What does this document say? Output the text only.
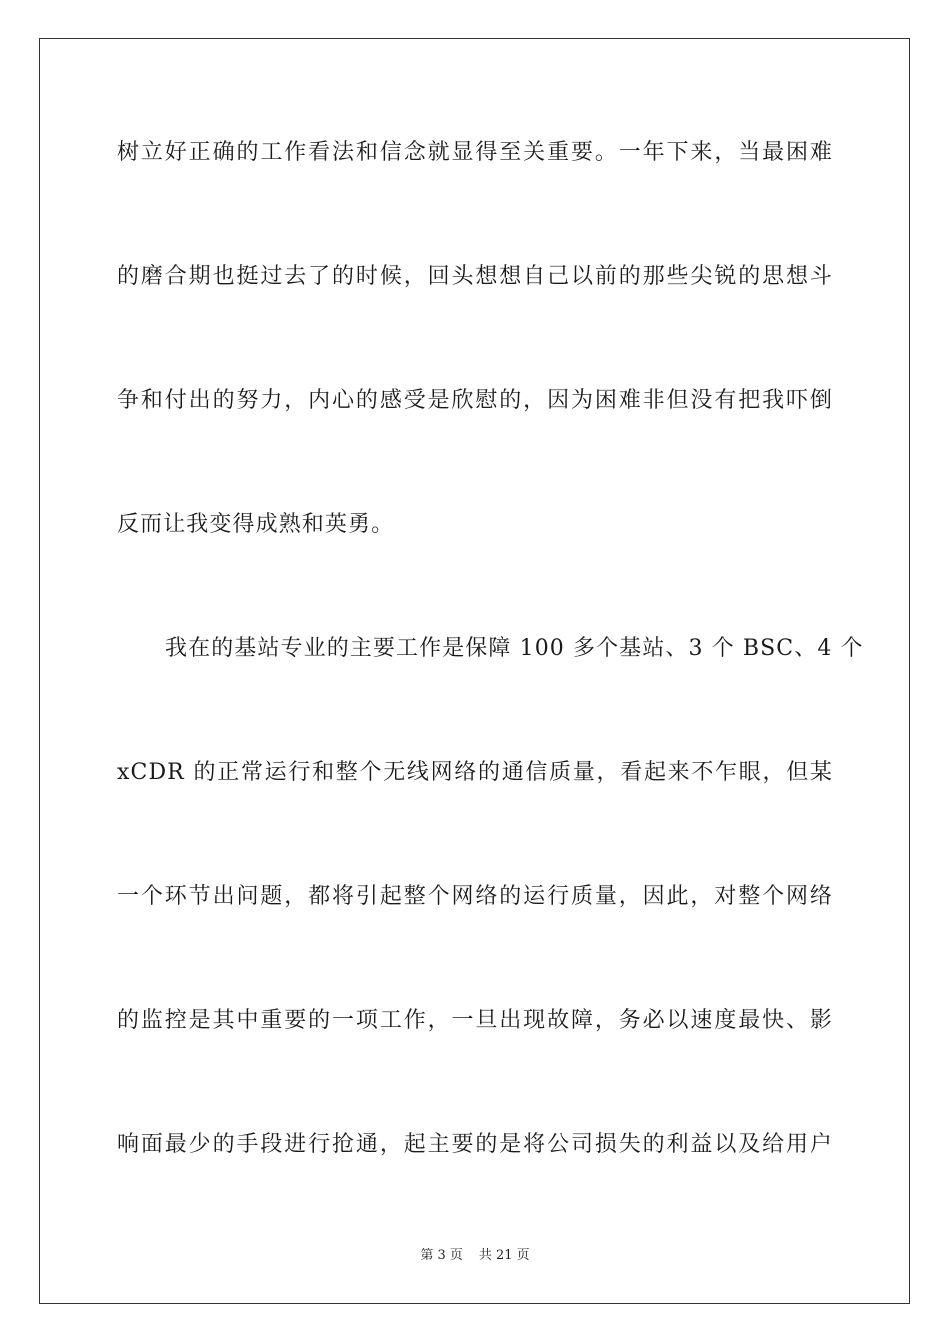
树立好正确的工作看法和信念就显得至关重要。一年下来，当最困难
的磨合期也挺过去了的时候，回头想想自己以前的那些尖锐的思想斗
争和付出的努力，内心的感受是欣慰的，因为困难非但没有把我吓倒
反而让我变得成熟和英勇。
我在的基站专业的主要工作是保障 100 多个基站、3 个 BSC、4 个
xCDR 的正常运行和整个无线网络的通信质量，看起来不乍眼，但某
一个环节出问题，都将引起整个网络的运行质量，因此，对整个网络
的监控是其中重要的一项工作，一旦出现故障，务必以速度最快、影
响面最少的手段进行抢通，起主要的是将公司损失的利益以及给用户
第 3 页 共 21 页
